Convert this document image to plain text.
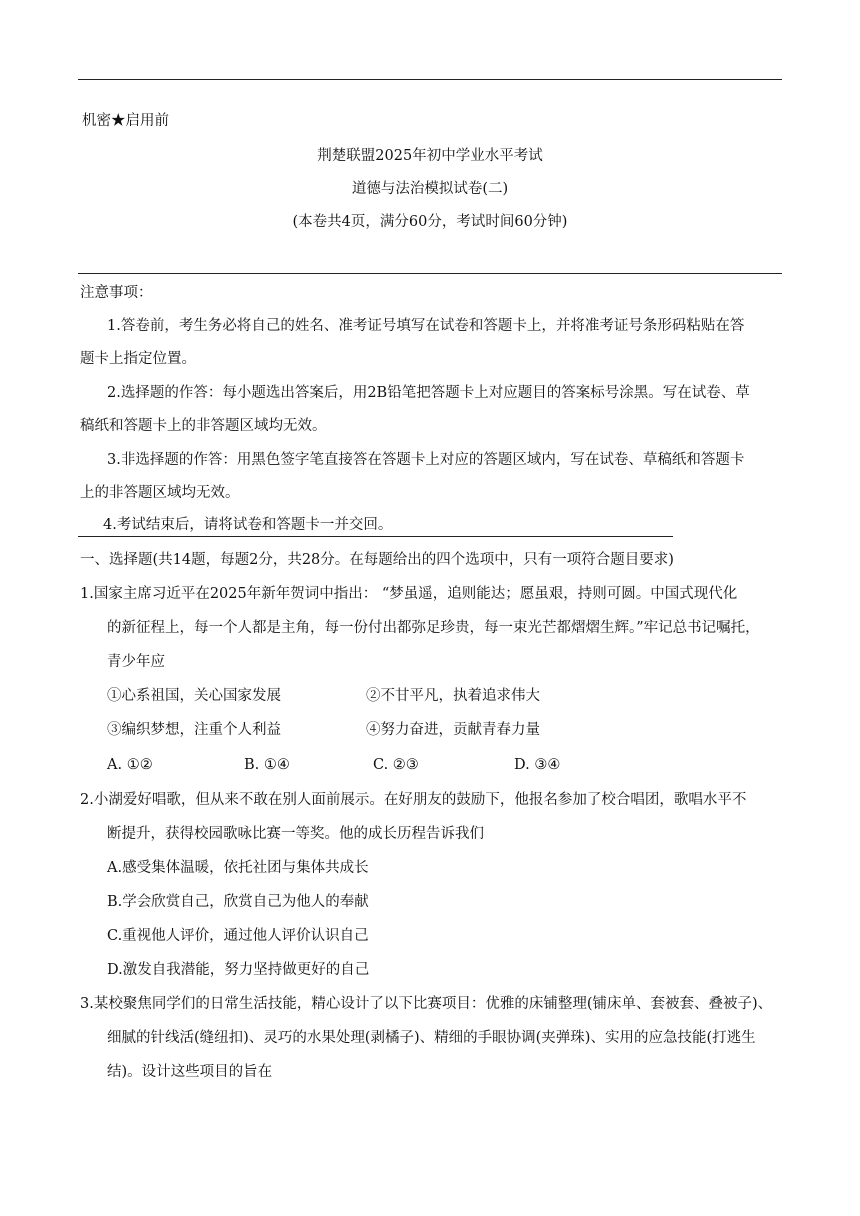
机密★启用前
荆楚联盟2025年初中学业水平考试
道德与法治模拟试卷(二)
(本卷共4页，满分60分，考试时间60分钟)
注意事项：
1.答卷前，考生务必将自己的姓名、准考证号填写在试卷和答题卡上，并将准考证号条形码粘贴在答
题卡上指定位置。
2.选择题的作答：每小题选出答案后，用2B铅笔把答题卡上对应题目的答案标号涂黑。写在试卷、草
稿纸和答题卡上的非答题区域均无效。
3.非选择题的作答：用黑色签字笔直接答在答题卡上对应的答题区域内，写在试卷、草稿纸和答题卡
上的非答题区域均无效。
4.考试结束后，请将试卷和答题卡一并交回。
一、选择题(共14题，每题2分，共28分。在每题给出的四个选项中，只有一项符合题目要求)
1.国家主席习近平在2025年新年贺词中指出： “梦虽遥，追则能达；愿虽艰，持则可圆。中国式现代化
的新征程上，每一个人都是主角，每一份付出都弥足珍贵，每一束光芒都熠熠生辉。”牢记总书记嘱托，
青少年应
①心系祖国，关心国家发展	②不甘平凡，执着追求伟大
③编织梦想，注重个人利益	④努力奋进，贡献青春力量
A. ①②	B. ①④	C. ②③	D. ③④
2.小湖爱好唱歌，但从来不敢在别人面前展示。在好朋友的鼓励下，他报名参加了校合唱团，歌唱水平不
断提升，获得校园歌咏比赛一等奖。他的成长历程告诉我们
A.感受集体温暖，依托社团与集体共成长
B.学会欣赏自己，欣赏自己为他人的奉献
C.重视他人评价，通过他人评价认识自己
D.激发自我潜能，努力坚持做更好的自己
3.某校聚焦同学们的日常生活技能，精心设计了以下比赛项目：优雅的床铺整理(铺床单、套被套、叠被子)、
细腻的针线活(缝纽扣)、灵巧的水果处理(剥橘子)、精细的手眼协调(夹弹珠)、实用的应急技能(打逃生
结)。设计这些项目的旨在
